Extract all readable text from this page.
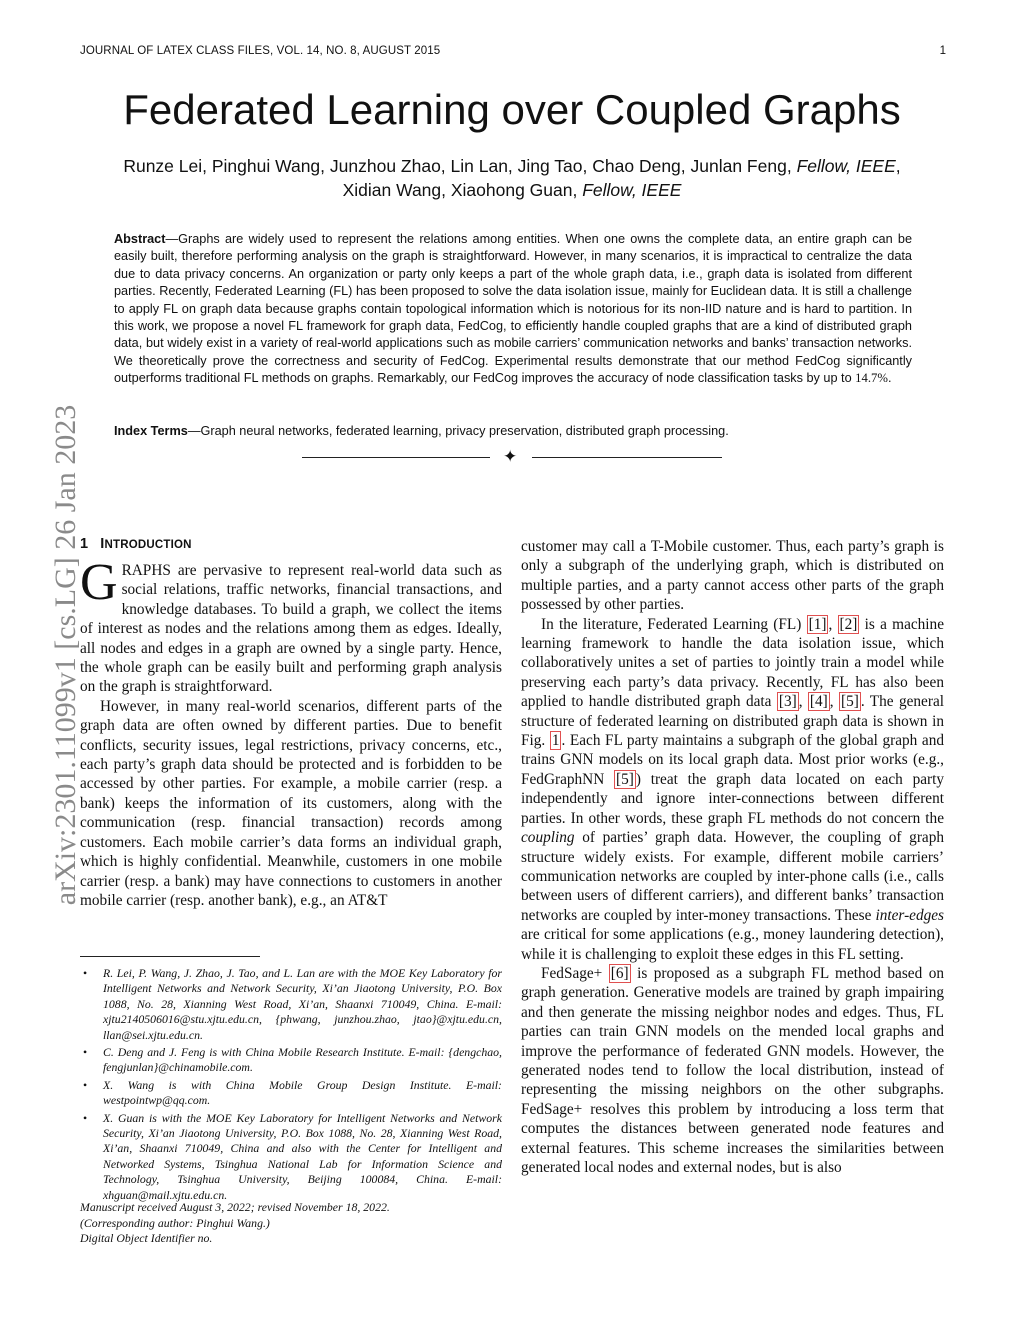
JOURNAL OF LATEX CLASS FILES, VOL. 14, NO. 8, AUGUST 2015	1
arXiv:2301.11099v1 [cs.LG] 26 Jan 2023
Federated Learning over Coupled Graphs
Runze Lei, Pinghui Wang, Junzhou Zhao, Lin Lan, Jing Tao, Chao Deng, Junlan Feng, Fellow, IEEE,
Xidian Wang, Xiaohong Guan, Fellow, IEEE
Abstract—Graphs are widely used to represent the relations among entities. When one owns the complete data, an entire graph can be easily built, therefore performing analysis on the graph is straightforward. However, in many scenarios, it is impractical to centralize the data due to data privacy concerns. An organization or party only keeps a part of the whole graph data, i.e., graph data is isolated from different parties. Recently, Federated Learning (FL) has been proposed to solve the data isolation issue, mainly for Euclidean data. It is still a challenge to apply FL on graph data because graphs contain topological information which is notorious for its non-IID nature and is hard to partition. In this work, we propose a novel FL framework for graph data, FedCog, to efficiently handle coupled graphs that are a kind of distributed graph data, but widely exist in a variety of real-world applications such as mobile carriers’ communication networks and banks’ transaction networks. We theoretically prove the correctness and security of FedCog. Experimental results demonstrate that our method FedCog significantly outperforms traditional FL methods on graphs. Remarkably, our FedCog improves the accuracy of node classification tasks by up to 14.7%.
Index Terms—Graph neural networks, federated learning, privacy preservation, distributed graph processing.
✦
1 INTRODUCTION

GRAPHS are pervasive to represent real-world data such as social relations, traffic networks, financial transactions, and knowledge databases. To build a graph, we collect the items of interest as nodes and the relations among them as edges. Ideally, all nodes and edges in a graph are owned by a single party. Hence, the whole graph can be easily built and performing graph analysis on the graph is straightforward.

However, in many real-world scenarios, different parts of the graph data are often owned by different parties. Due to benefit conflicts, security issues, legal restrictions, privacy concerns, etc., each party’s graph data should be protected and is forbidden to be accessed by other parties. For example, a mobile carrier (resp. a bank) keeps the information of its customers, along with the communication (resp. financial transaction) records among customers. Each mobile carrier’s data forms an individual graph, which is highly confidential. Meanwhile, customers in one mobile carrier (resp. a bank) may have connections to customers in another mobile carrier (resp. another bank), e.g., an AT&T

• R. Lei, P. Wang, J. Zhao, J. Tao, and L. Lan are with the MOE Key Laboratory for Intelligent Networks and Network Security, Xi’an Jiaotong University, P.O. Box 1088, No. 28, Xianning West Road, Xi’an, Shaanxi 710049, China. E-mail: xjtu2140506016@stu.xjtu.edu.cn, {phwang, junzhou.zhao, jtao}@xjtu.edu.cn, llan@sei.xjtu.edu.cn.
• C. Deng and J. Feng is with China Mobile Research Institute. E-mail: {dengchao, fengjunlan}@chinamobile.com.
• X. Wang is with China Mobile Group Design Institute. E-mail: westpointwp@qq.com.
• X. Guan is with the MOE Key Laboratory for Intelligent Networks and Network Security, Xi’an Jiaotong University, P.O. Box 1088, No. 28, Xianning West Road, Xi’an, Shaanxi 710049, China and also with the Center for Intelligent and Networked Systems, Tsinghua National Lab for Information Science and Technology, Tsinghua University, Beijing 100084, China. E-mail: xhguan@mail.xjtu.edu.cn.
Manuscript received August 3, 2022; revised November 18, 2022.
(Corresponding author: Pinghui Wang.)
Digital Object Identifier no.

customer may call a T-Mobile customer. Thus, each party’s graph is only a subgraph of the underlying graph, which is distributed on multiple parties, and a party cannot access other parts of the graph possessed by other parties.

In the literature, Federated Learning (FL) [1] , [2] is a machine learning framework to handle the data isolation issue, which collaboratively unites a set of parties to jointly train a model while preserving each party’s data privacy. Recently, FL has also been applied to handle distributed graph data [3] , [4] , [5] . The general structure of federated learning on distributed graph data is shown in Fig. 1 . Each FL party maintains a subgraph of the global graph and trains GNN models on its local graph data. Most prior works (e.g., FedGraphNN [5] ) treat the graph data located on each party independently and ignore inter-connections between different parties. In other words, these graph FL methods do not concern the coupling of parties’ graph data. However, the coupling of graph structure widely exists. For example, different mobile carriers’ communication networks are coupled by inter-phone calls (i.e., calls between users of different carriers), and different banks’ transaction networks are coupled by inter-money transactions. These inter-edges are critical for some applications (e.g., money laundering detection), while it is challenging to exploit these edges in this FL setting.

FedSage+ [6] is proposed as a subgraph FL method based on graph generation. Generative models are trained by graph impairing and then generate the missing neighbor nodes and edges. Thus, FL parties can train GNN models on the mended local graphs and improve the performance of federated GNN models. However, the generated nodes tend to follow the local distribution, instead of representing the missing neighbors on the other subgraphs. FedSage+ resolves this problem by introducing a loss term that computes the distances between generated node features and external features. This scheme increases the similarities between generated local nodes and external nodes, but is also
